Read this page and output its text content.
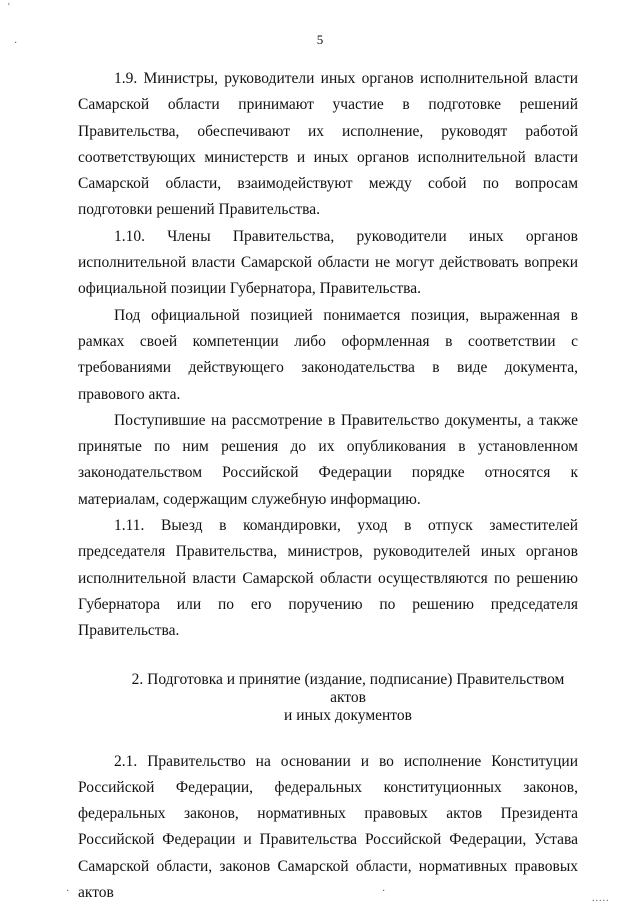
'
·	5

1.9. Министры, руководители иных органов исполнительной власти Самарской области принимают участие в подготовке решений Правительства, обеспечивают их исполнение, руководят работой соответствующих министерств и иных органов исполнительной власти Самарской области, взаимодействуют между собой по вопросам подготовки решений Правительства.

1.10. Члены Правительства, руководители иных органов исполнительной власти Самарской области не могут действовать вопреки официальной позиции Губернатора, Правительства.

Под официальной позицией понимается позиция, выраженная в рамках своей компетенции либо оформленная в соответствии с требованиями действующего законодательства в виде документа, правового акта.

Поступившие на рассмотрение в Правительство документы, а также принятые по ним решения до их опубликования в установленном законодательством Российской Федерации порядке относятся к материалам, содержащим служебную информацию.

1.11. Выезд в командировки, уход в отпуск заместителей председателя Правительства, министров, руководителей иных органов исполнительной власти Самарской области осуществляются по решению Губернатора или по его поручению по решению председателя Правительства.

2. Подготовка и принятие (издание, подписание) Правительством актов
и иных документов

2.1. Правительство на основании и во исполнение Конституции Российской Федерации, федеральных конституционных законов, федеральных законов, нормативных правовых актов Президента Российской Федерации и Правительства Российской Федерации, Устава Самарской области, законов Самарской области, нормативных правовых актов

·	·
.....
